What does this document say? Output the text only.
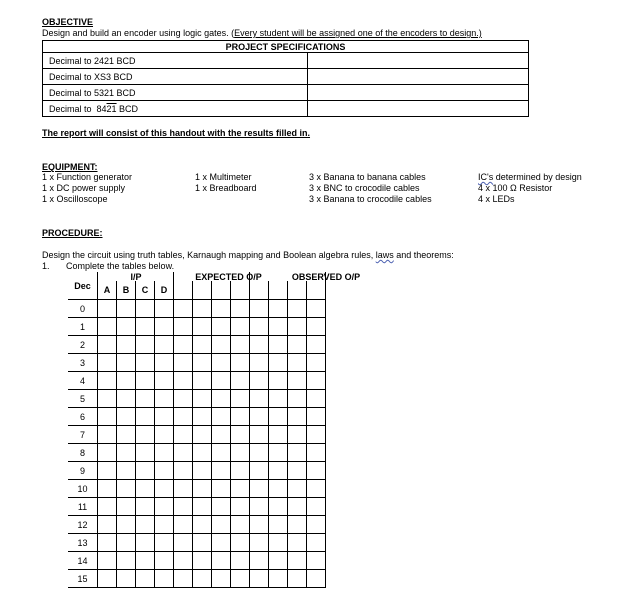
OBJECTIVE
Design and build an encoder using logic gates. (Every student will be assigned one of the encoders to design.)
PROJECT SPECIFICATIONS	
Decimal to 2421 BCD	
Decimal to XS3 BCD	
Decimal to 5321 BCD	
Decimal to  8421 BCD	
The report will consist of this handout with the results filled in.
EQUIPMENT:
1 x Function generator
1 x DC power supply
1 x Oscilloscope
1 x Multimeter
1 x Breadboard
3 x Banana to banana cables
3 x BNC to crocodile cables
3 x Banana to crocodile cables
IC's determined by design
4 x 100 Ω Resistor
4 x LEDs
PROCEDURE:
Design the circuit using truth tables, Karnaugh mapping and Boolean algebra rules, laws and theorems:
1. Complete the tables below.
I/P	EXPECTED O/P	OBSERVED O/P

Dec	A	B	C	D								
0												
1												
2												
3												
4												
5												
6												
7												
8												
9												
10												
11												
12												
13												
14												
15												
